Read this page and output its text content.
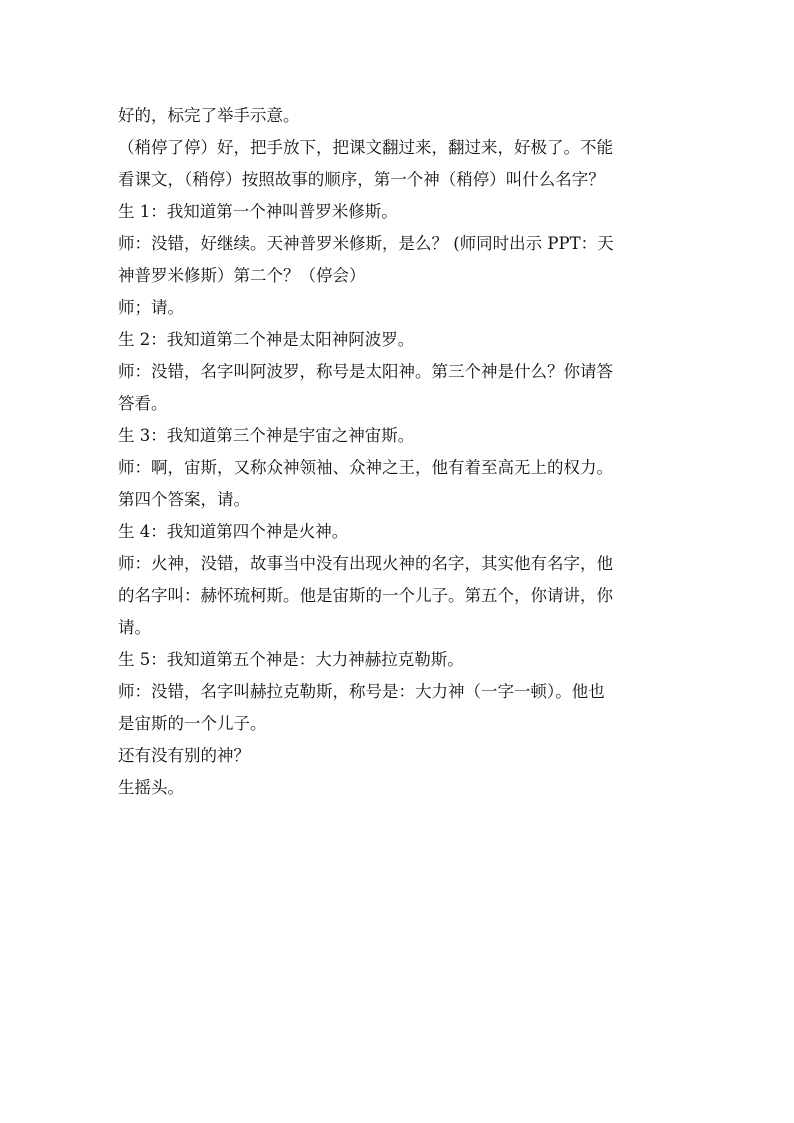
好的，标完了举手示意。

（稍停了停）好，把手放下，把课文翻过来，翻过来，好极了。不能

看课文，（稍停）按照故事的顺序，第一个神（稍停）叫什么名字？

生 1：我知道第一个神叫普罗米修斯。

师：没错，好继续。天神普罗米修斯，是么？ (师同时出示 PPT：天

神普罗米修斯）第二个？（停会）

师；请。

生 2：我知道第二个神是太阳神阿波罗。

师：没错，名字叫阿波罗，称号是太阳神。第三个神是什么？你请答

答看。

生 3：我知道第三个神是宇宙之神宙斯。

师：啊，宙斯，又称众神领袖、众神之王，他有着至高无上的权力。

第四个答案，请。

生 4：我知道第四个神是火神。

师：火神，没错，故事当中没有出现火神的名字，其实他有名字，他

的名字叫：赫怀琉柯斯。他是宙斯的一个儿子。第五个，你请讲，你

请。

生 5：我知道第五个神是：大力神赫拉克勒斯。

师：没错，名字叫赫拉克勒斯，称号是：大力神（一字一顿）。他也

是宙斯的一个儿子。

还有没有别的神？

生摇头。
